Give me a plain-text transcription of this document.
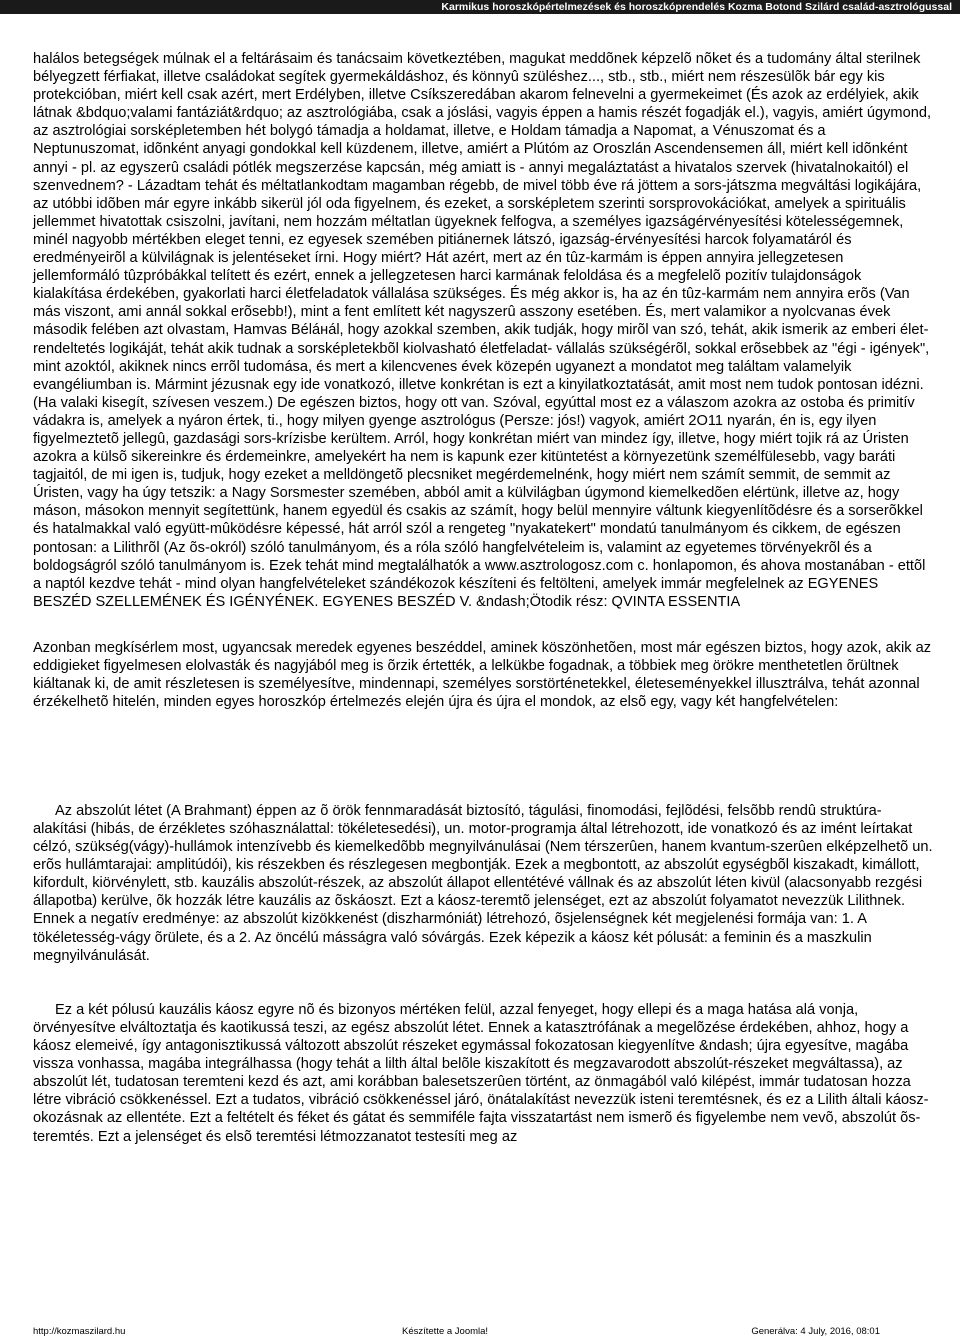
Karmikus horoszkópértelmezések és horoszkóprendelés Kozma Botond Szilárd család-asztrológussal

halálos betegségek múlnak el a feltárásaim és tanácsaim következtében, magukat meddõnek képzelõ nõket és a tudomány által sterilnek bélyegzett férfiakat, illetve családokat segítek gyermekáldáshoz, és könnyû szüléshez..., stb., stb., miért nem részesülõk bár egy kis protekcióban, miért kell csak azért, mert Erdélyben, illetve Csíkszeredában akarom felnevelni a gyermekeimet (És azok az erdélyiek, akik látnak &bdquo;valami fantáziát&rdquo; az asztrológiába, csak a jóslási, vagyis éppen a hamis részét fogadják el.), vagyis, amiért úgymond, az asztrológiai sorsképletemben hét bolygó támadja a holdamat, illetve, e Holdam támadja a Napomat, a Vénuszomat és a Neptunuszomat, idõnként anyagi gondokkal kell küzdenem, illetve, amiért a Plútóm az Oroszlán Ascendensemen áll, miért kell idõnként annyi - pl. az egyszerû családi pótlék megszerzése kapcsán, még amiatt is - annyi megaláztatást a hivatalos szervek (hivatalnokaitól) el szenvednem? - Lázadtam tehát és méltatlankodtam magamban régebb, de mivel több éve rá jöttem a sors-játszma megváltási logikájára, az utóbbi idõben már egyre inkább sikerül jól oda figyelnem, és ezeket, a sorsképletem szerinti sorsprovokációkat, amelyek a spirituális jellemmet hivatottak csiszolni, javítani, nem hozzám méltatlan ügyeknek felfogva, a személyes igazságérvényesítési kötelességemnek, minél nagyobb mértékben eleget tenni, ez egyesek szemében pitiánernek látszó, igazság-érvényesítési harcok folyamatáról és eredményeirõl a külvilágnak is jelentéseket írni. Hogy miért? Hát azért, mert az én tûz-karmám is éppen annyira jellegzetesen jellemformáló tûzpróbákkal telített és ezért, ennek a jellegzetesen harci karmának feloldása és a megfelelõ pozitív tulajdonságok kialakítása érdekében, gyakorlati harci életfeladatok vállalása szükséges. És még akkor is, ha az én tûz-karmám nem annyira erõs (Van más viszont, ami annál sokkal erõsebb!), mint a fent említett két nagyszerû asszony esetében. És, mert valamikor a nyolcvanas évek második felében azt olvastam, Hamvas Béláнál, hogy azokkal szemben, akik tudják, hogy mirõl van szó, tehát, akik ismerik az emberi élet-rendeltetés logikáját, tehát akik tudnak a sorsképletekbõl kiolvasható életfeladat- vállalás szükségérõl, sokkal erõsebbek az "égi - igények", mint azoktól, akiknek nincs errõl tudomása, és mert a kilencvenes évek közepén ugyanezt a mondatot meg találtam valamelyik evangéliumban is. Mármint jézusnak egy ide vonatkozó, illetve konkrétan is ezt a kinyilatkoztatását, amit most nem tudok pontosan idézni. (Ha valaki kisegít, szívesen veszem.) De egészen biztos, hogy ott van. Szóval, egyúttal most ez a válaszom azokra az ostoba és primitív vádakra is, amelyek a nyáron értek, ti., hogy milyen gyenge asztrológus (Persze: jós!) vagyok, amiért 2O11 nyarán, én is, egy ilyen figyelmeztetõ jellegû, gazdasági sors-krízisbe kerültem. Arról, hogy konkrétan miért van mindez így, illetve, hogy miért tojik rá az Úristen azokra a külsõ sikereinkre és érdemeinkre, amelyekért ha nem is kapunk ezer kitüntetést a környezetünk személfülesebb, vagy baráti tagjaitól, de mi igen is, tudjuk, hogy ezeket a melldöngetõ plecsniket megérdemelnénk, hogy miért nem számít semmit, de semmit az Úristen, vagy ha úgy tetszik: a Nagy Sorsmester szemében, abból amit a külvilágban úgymond kiemelkedõen elértünk, illetve az, hogy máson, másokon mennyit segítettünk, hanem egyedül és csakis az számít, hogy belül mennyire váltunk kiegyenlítõdésre és a sorserõkkel és hatalmakkal való együtt-mûködésre képessé, hát arról szól a rengeteg "nyakatekert" mondatú tanulmányom és cikkem, de egészen pontosan: a Lilithrõl (Az õs-okról) szóló tanulmányom, és a róla szóló hangfelvételeim is, valamint az egyetemes törvényekrõl és a boldogságról szóló tanulmányom is. Ezek tehát mind megtalálhatók a www.asztrologosz.com c. honlapomon, és ahova mostanában - ettõl a naptól kezdve tehát - mind olyan hangfelvételeket szándékozok készíteni és feltölteni, amelyek immár megfelelnek az EGYENES BESZÉD SZELLEMÉNEK ÉS IGÉNYÉNEK. EGYENES BESZÉD V. &ndash;Ötodik rész: QVINTA ESSENTIA

Azonban megkísérlem most, ugyancsak meredek egyenes beszéddel, aminek köszönhetõen, most már egészen biztos, hogy azok, akik az eddigieket figyelmesen elolvasták és nagyjából meg is õrzik értették, a lelkükbe fogadnak, a többiek meg örökre menthetetlen õrültnek kiáltanak ki, de amit részletesen is személyesítve, mindennapi, személyes sorstörténetekkel, életeseményekkel illusztrálva, tehát azonnal érzékelhetõ hitelén, minden egyes horoszkóp értelmezés elején újra és újra el mondok, az elsõ egy, vagy két hangfelvételen:

Az abszolút létet (A Brahmant) éppen az õ örök fennmaradását biztosító, tágulási, finomodási, fejlõdési, felsõbb rendû struktúra-alakítási (hibás, de érzékletes szóhasználattal: tökéletesedési), un. motor-programja által létrehozott, ide vonatkozó és az imént leírtakat célzó, szükség(vágy)-hullámok intenzívebb és kiemelkedõbb megnyilvánulásai (Nem térszerûen, hanem kvantum-szerûen elképzelhetõ un. erõs hullámtarajai: amplitúdói), kis részekben és részlegesen megbontják. Ezek a megbontott, az abszolút egységbõl kiszakadt, kimállott, kifordult, kiörvénylett, stb. kauzális abszolút-részek, az abszolút állapot ellentétévé vállnak és az abszolút léten kivül (alacsonyabb rezgési állapotba) kerülve, õk hozzák létre kauzális az õskáoszt. Ezt a káosz-teremtõ jelenséget, ezt az abszolút folyamatot nevezzük Lilithnek. Ennek a negatív eredménye: az abszolút kizökkenést (diszharmóniát) létrehozó, õsjelenségnek két megjelenési formája van: 1. A tökéletesség-vágy õrülete, és a 2. Az öncélú másságra való sóvárgás. Ezek képezik a káosz két pólusát: a feminin és a maszkulin megnyilvánulását.

Ez a két pólusú kauzális káosz egyre nõ és bizonyos mértéken felül, azzal fenyeget, hogy ellepi és a maga hatása alá vonja, örvényesítve elváltoztatja és kaotikussá teszi, az egész abszolút létet. Ennek a katasztrófának a megelõzése érdekében, ahhoz, hogy a káosz elemeivé, így antagonisztikussá változott abszolút részeket egymással fokozatosan kiegyenlítve &ndash; újra egyesítve, magába vissza vonhassa, magába integrálhassa (hogy tehát a lilth által belõle kiszakított és megzavarodott abszolút-részeket megváltassa), az abszolút lét, tudatosan teremteni kezd és azt, ami korábban balesetszerûen történt, az önmagából való kilépést, immár tudatosan hozza létre vibráció csökkenéssel. Ezt a tudatos, vibráció csökkenéssel járó, önátalakítást nevezzük isteni teremtésnek, és ez a Lilith általi káosz-okozásnak az ellentéte. Ezt a feltételt és féket és gátat és semmiféle fajta visszatartást nem ismerõ és figyelembe nem vevõ, abszolút õs-teremtés. Ezt a jelenséget és elsõ teremtési létmozzanatot testesíti meg az

http://kozmaszilard.hu	Készítette a Joomla!	Generálva: 4 July, 2016, 08:01
